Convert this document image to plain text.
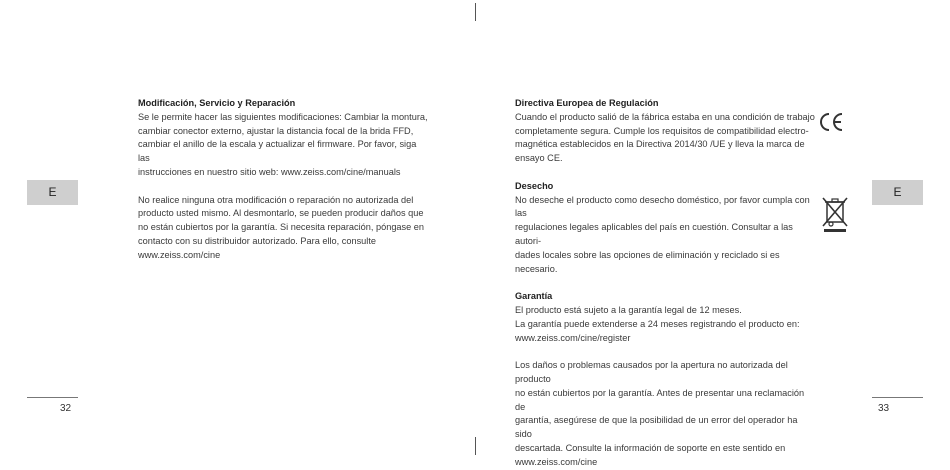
E	E
Modificación, Servicio y Reparación
Se le permite hacer las siguientes modificaciones: Cambiar la montura,
cambiar conector externo, ajustar la distancia focal de la brida FFD,
cambiar el anillo de la escala y actualizar el firmware. Por favor, siga las
instrucciones en nuestro sitio web: www.zeiss.com/cine/manuals
No realice ninguna otra modificación o reparación no autorizada del
producto usted mismo. Al desmontarlo, se pueden producir daños que
no están cubiertos por la garantía. Si necesita reparación, póngase en
contacto con su distribuidor autorizado. Para ello, consulte
www.zeiss.com/cine
Directiva Europea de Regulación
Cuando el producto salió de la fábrica estaba en una condición de trabajo
completamente segura. Cumple los requisitos de compatibilidad electro-
magnética establecidos en la Directiva 2014/30 /UE y lleva la marca de
ensayo CE.
Desecho
No deseche el producto como desecho doméstico, por favor cumpla con las
regulaciones legales aplicables del país en cuestión. Consultar a las autori-
dades locales sobre las opciones de eliminación y reciclado si es necesario.
Garantía
El producto está sujeto a la garantía legal de 12 meses.
La garantía puede extenderse a 24 meses registrando el producto en:
www.zeiss.com/cine/register
Los daños o problemas causados por la apertura no autorizada del producto
no están cubiertos por la garantía. Antes de presentar una reclamación de
garantía, asegúrese de que la posibilidad de un error del operador ha sido
descartada. Consulte la información de soporte en este sentido en
www.zeiss.com/cine
32	33
